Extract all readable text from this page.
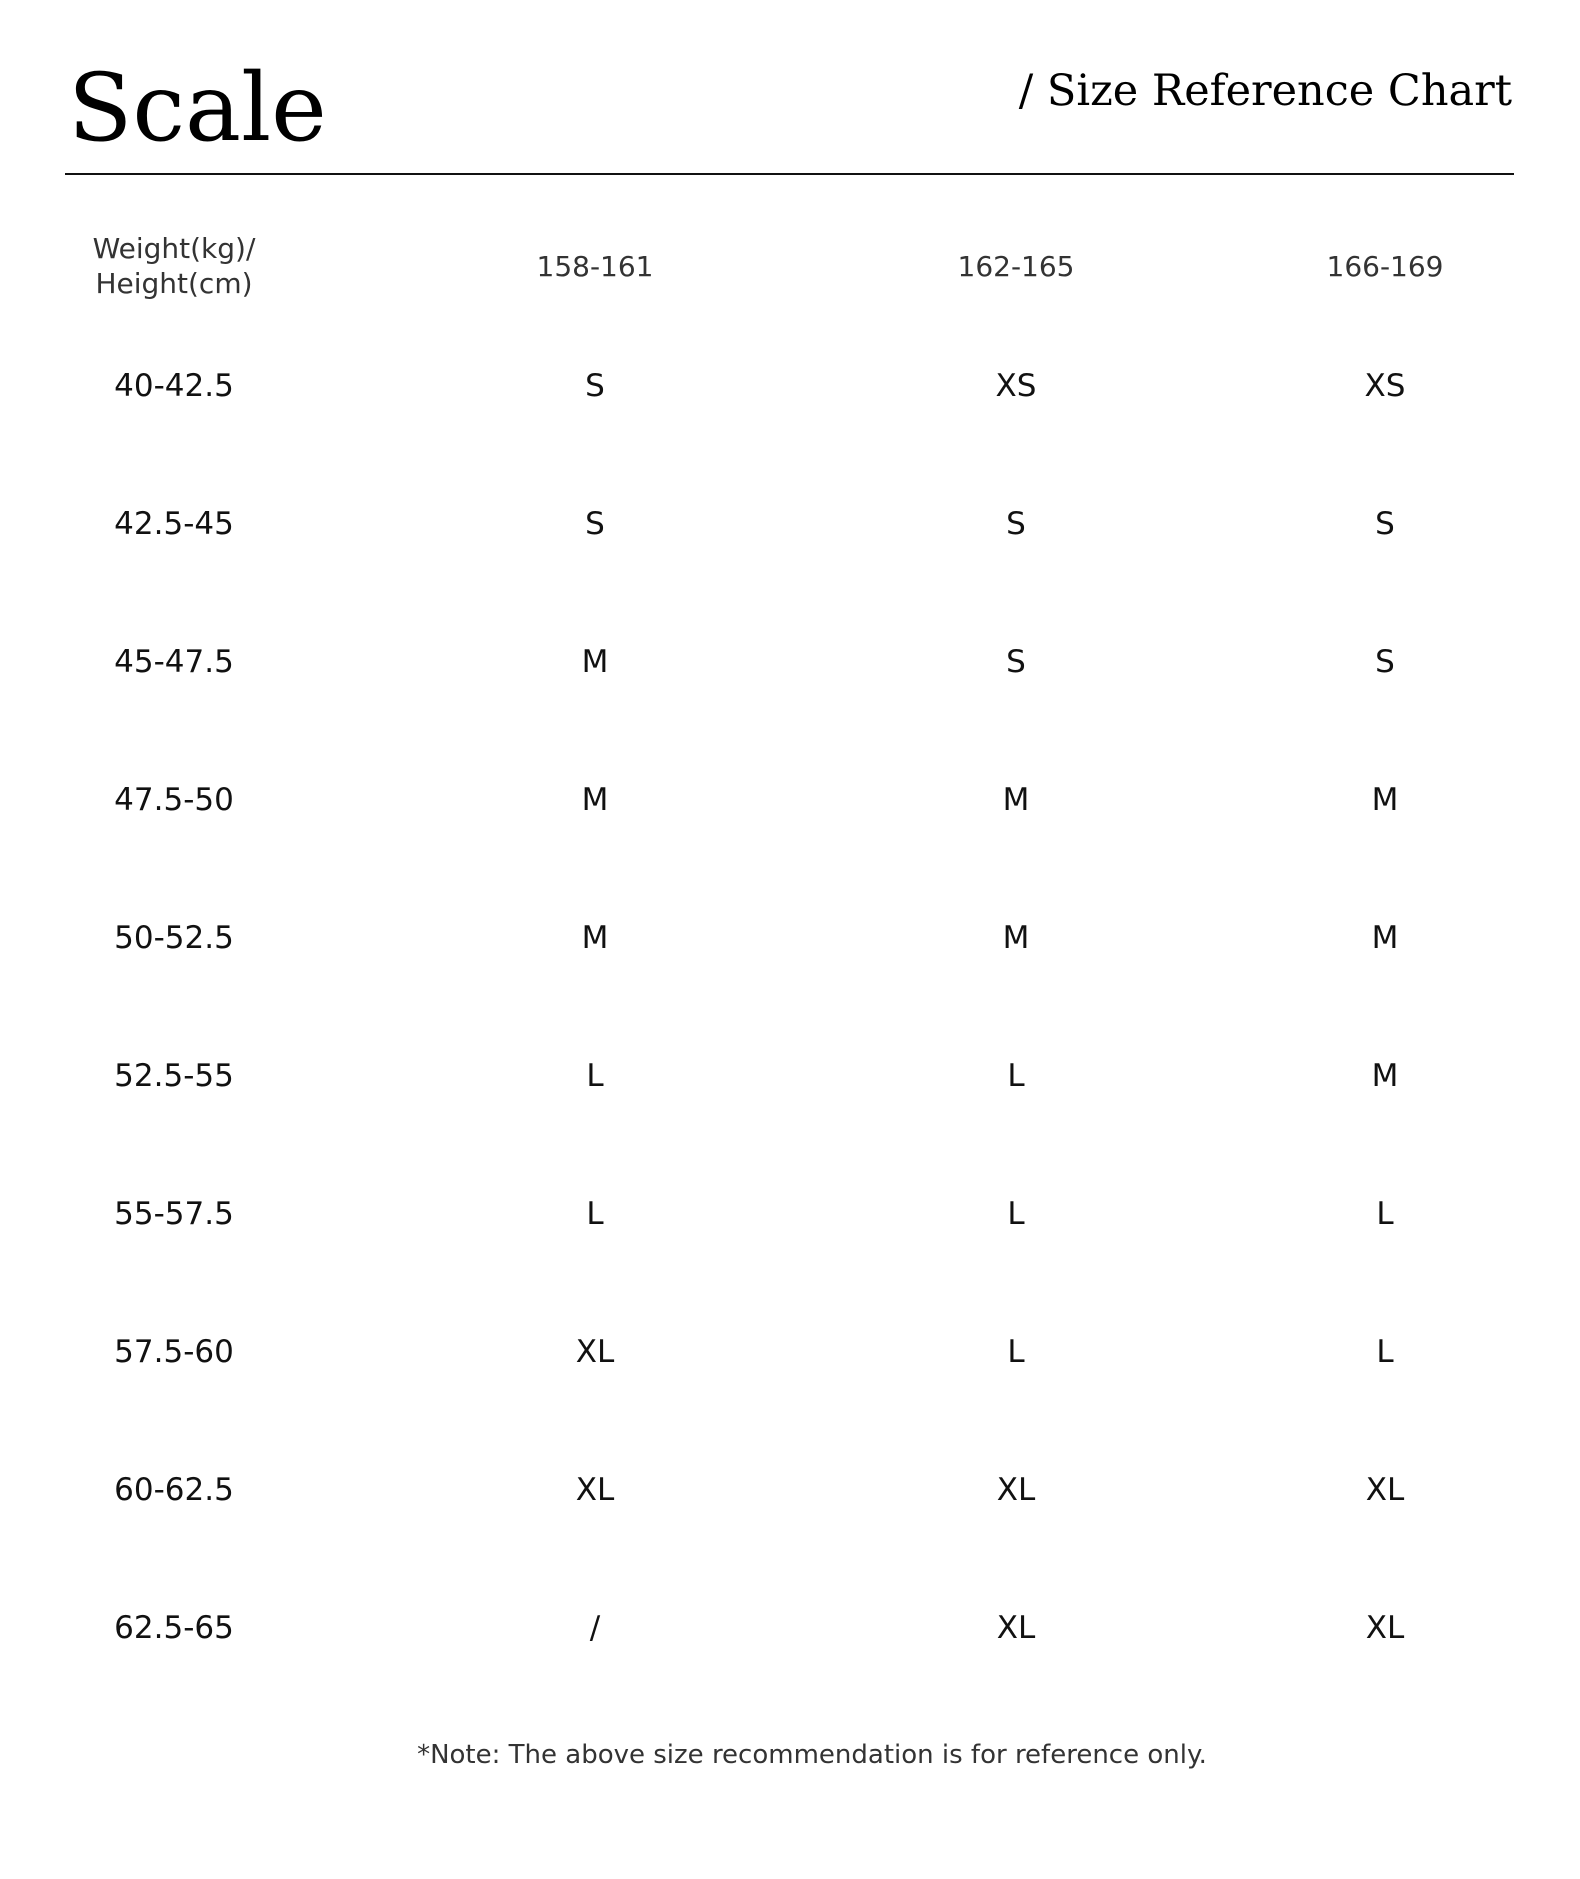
Scale	/ Size Reference Chart
Weight(kg)/
Height(cm)	158-161	162-165	166-169
40-42.5	S	XS	XS
42.5-45	S	S	S
45-47.5	M	S	S
47.5-50	M	M	M
50-52.5	M	M	M
52.5-55	L	L	M
55-57.5	L	L	L
57.5-60	XL	L	L
60-62.5	XL	XL	XL
62.5-65	/	XL	XL

*Note: The above size recommendation is for reference only.
